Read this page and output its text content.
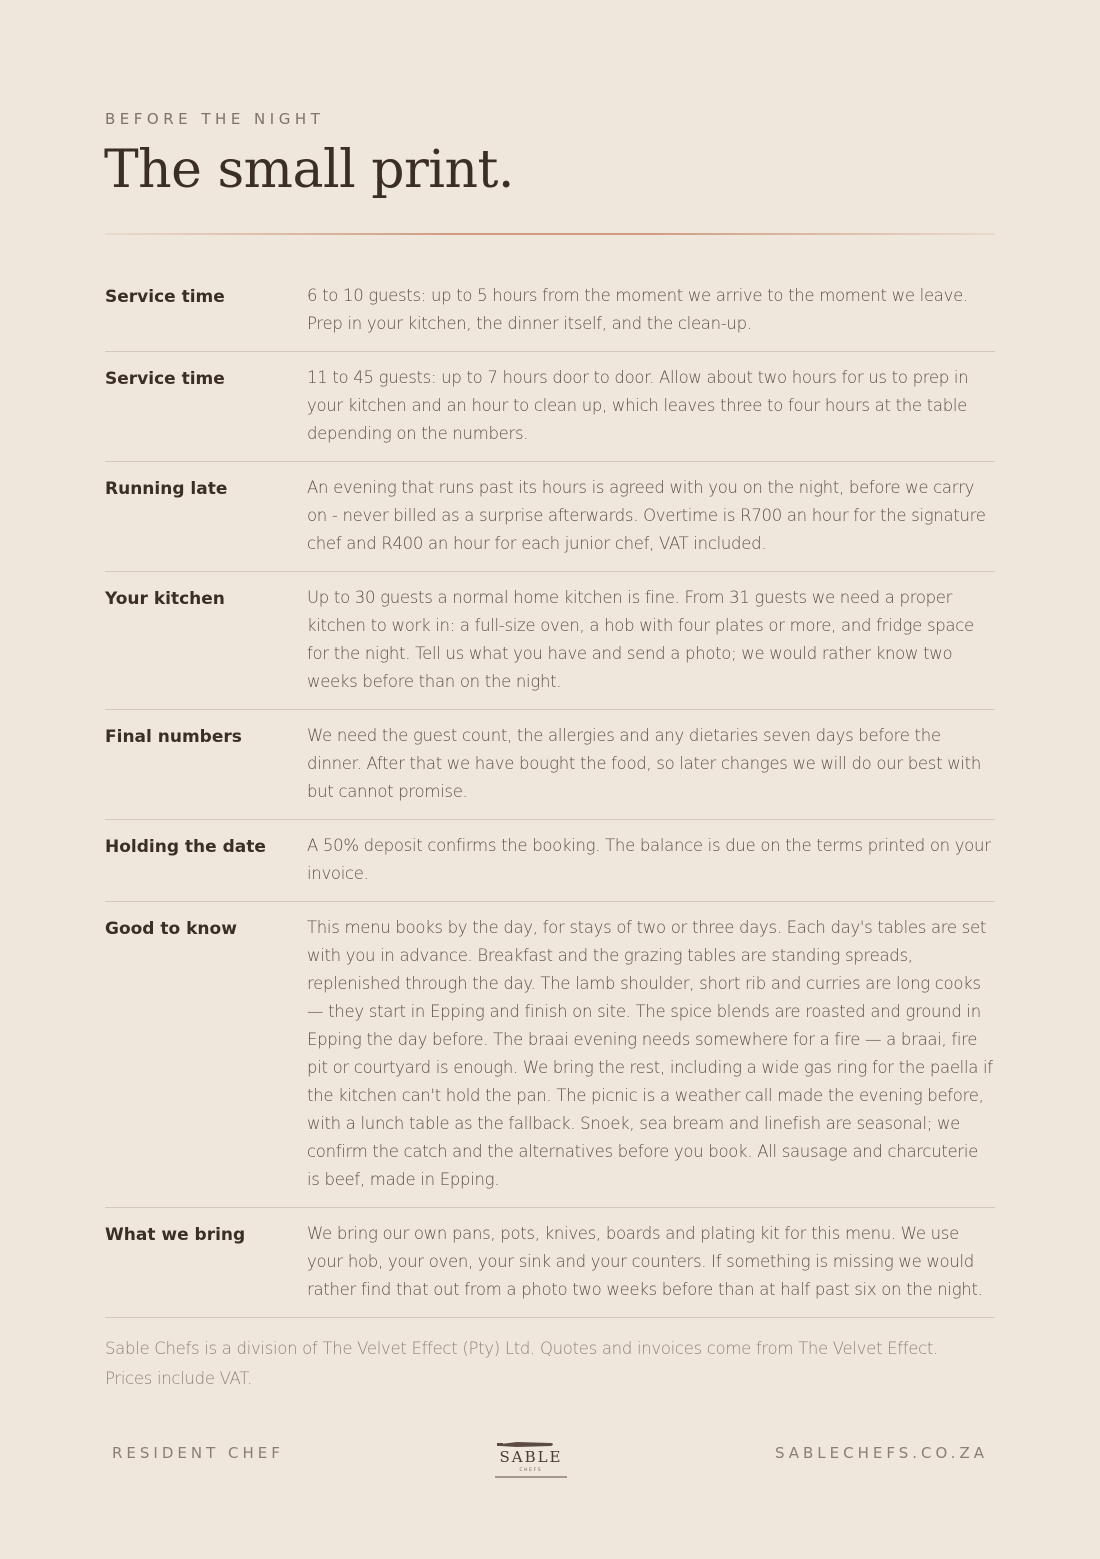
BEFORE THE NIGHT

The small print.
Service time	6 to 10 guests: up to 5 hours from the moment we arrive to the moment we leave. Prep in your kitchen, the dinner itself, and the clean-up.
Service time	11 to 45 guests: up to 7 hours door to door. Allow about two hours for us to prep in your kitchen and an hour to clean up, which leaves three to four hours at the table depending on the numbers.
Running late	An evening that runs past its hours is agreed with you on the night, before we carry on - never billed as a surprise afterwards. Overtime is R700 an hour for the signature chef and R400 an hour for each junior chef, VAT included.
Your kitchen	Up to 30 guests a normal home kitchen is fine. From 31 guests we need a proper kitchen to work in: a full-size oven, a hob with four plates or more, and fridge space for the night. Tell us what you have and send a photo; we would rather know two weeks before than on the night.
Final numbers	We need the guest count, the allergies and any dietaries seven days before the dinner. After that we have bought the food, so later changes we will do our best with but cannot promise.
Holding the date	A 50% deposit confirms the booking. The balance is due on the terms printed on your invoice.
Good to know	This menu books by the day, for stays of two or three days. Each day's tables are set with you in advance. Breakfast and the grazing tables are standing spreads, replenished through the day. The lamb shoulder, short rib and curries are long cooks — they start in Epping and finish on site. The spice blends are roasted and ground in Epping the day before. The braai evening needs somewhere for a fire — a braai, fire pit or courtyard is enough. We bring the rest, including a wide gas ring for the paella if the kitchen can't hold the pan. The picnic is a weather call made the evening before, with a lunch table as the fallback. Snoek, sea bream and linefish are seasonal; we confirm the catch and the alternatives before you book. All sausage and charcuterie is beef, made in Epping.
What we bring	We bring our own pans, pots, knives, boards and plating kit for this menu. We use your hob, your oven, your sink and your counters. If something is missing we would rather find that out from a photo two weeks before than at half past six on the night.

Sable Chefs is a division of The Velvet Effect (Pty) Ltd. Quotes and invoices come from The Velvet Effect. Prices include VAT.

RESIDENT CHEF	SABLE
CHEFS
SABLECHEFS.CO.ZA
